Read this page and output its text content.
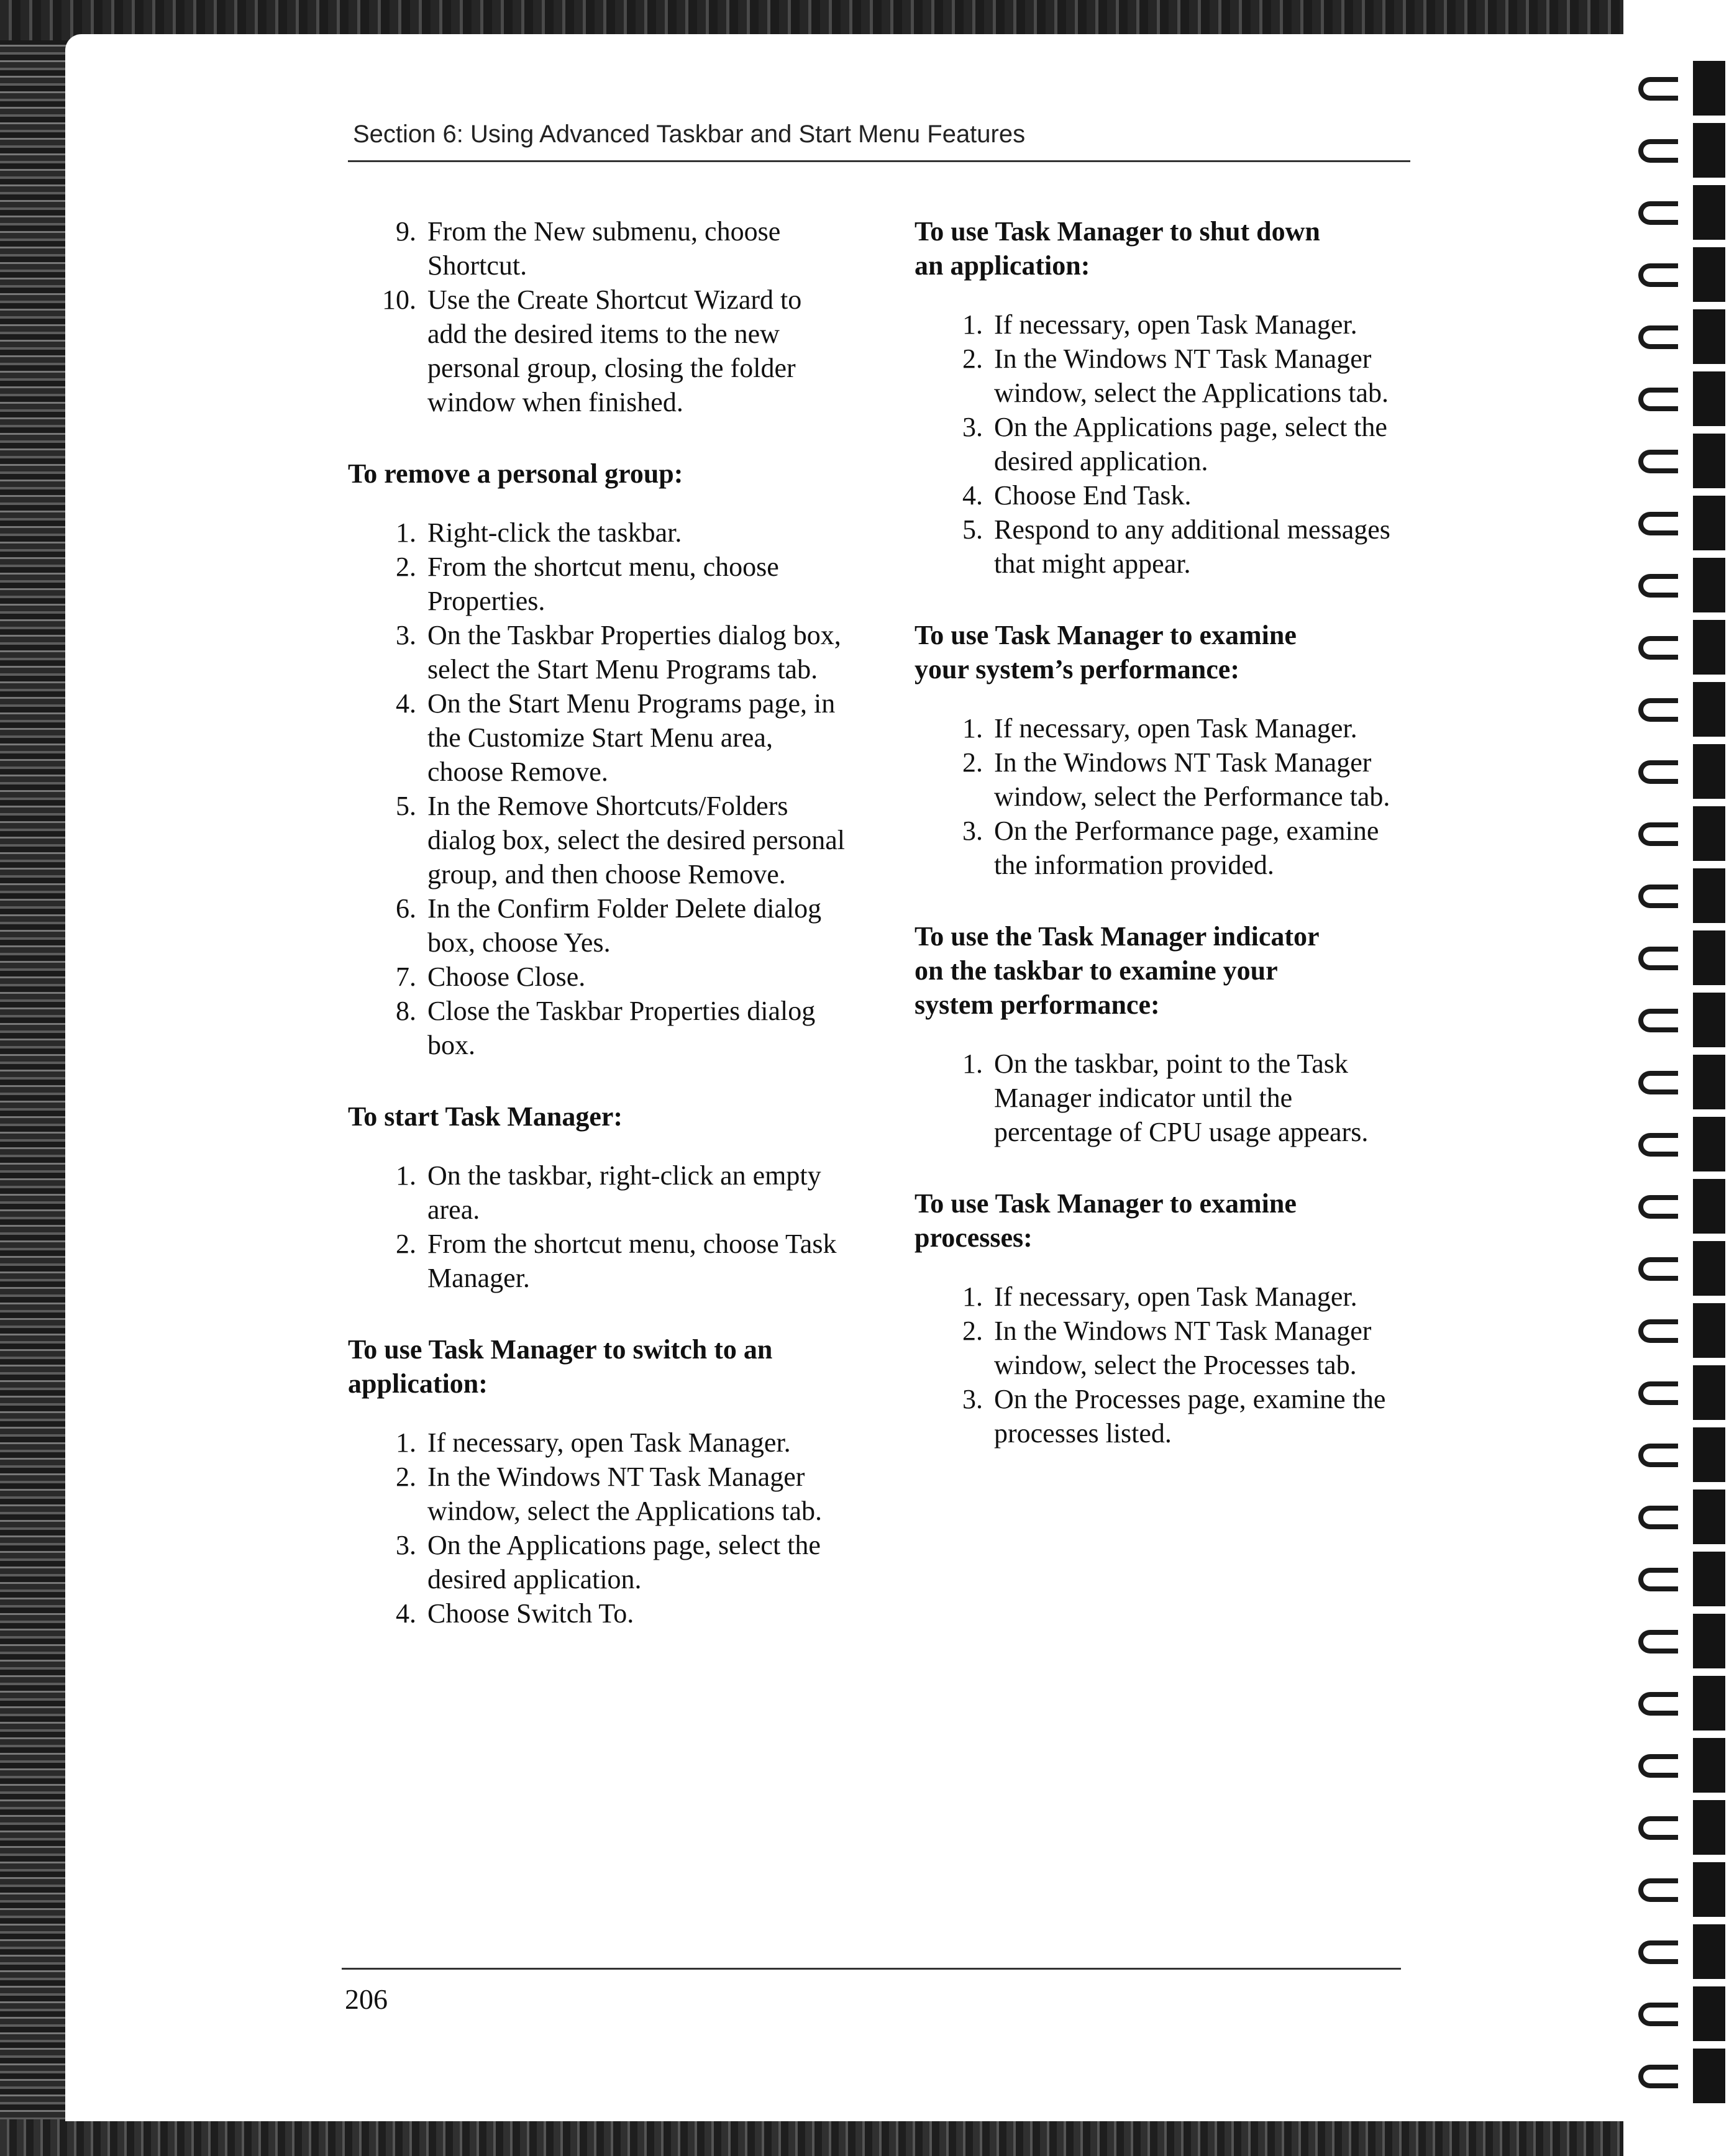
Section 6: Using Advanced Taskbar and Start Menu Features
9. From the New submenu, choose Shortcut.
10. Use the Create Shortcut Wizard to add the desired items to the new personal group, closing the folder window when finished.
To remove a personal group:
1. Right-click the taskbar.
2. From the shortcut menu, choose Properties.
3. On the Taskbar Properties dialog box, select the Start Menu Programs tab.
4. On the Start Menu Programs page, in the Customize Start Menu area, choose Remove.
5. In the Remove Shortcuts/Folders dialog box, select the desired personal group, and then choose Remove.
6. In the Confirm Folder Delete dialog box, choose Yes.
7. Choose Close.
8. Close the Taskbar Properties dialog box.
To start Task Manager:
1. On the taskbar, right-click an empty area.
2. From the shortcut menu, choose Task Manager.
To use Task Manager to switch to an
application:
1. If necessary, open Task Manager.
2. In the Windows NT Task Manager window, select the Applications tab.
3. On the Applications page, select the desired application.
4. Choose Switch To.
To use Task Manager to shut down
an application:
1. If necessary, open Task Manager.
2. In the Windows NT Task Manager window, select the Applications tab.
3. On the Applications page, select the desired application.
4. Choose End Task.
5. Respond to any additional messages that might appear.
To use Task Manager to examine
your system’s performance:
1. If necessary, open Task Manager.
2. In the Windows NT Task Manager window, select the Performance tab.
3. On the Performance page, examine the information provided.
To use the Task Manager indicator
on the taskbar to examine your
system performance:
1. On the taskbar, point to the Task Manager indicator until the percentage of CPU usage appears.
To use Task Manager to examine
processes:
1. If necessary, open Task Manager.
2. In the Windows NT Task Manager window, select the Processes tab.
3. On the Processes page, examine the processes listed.

206
